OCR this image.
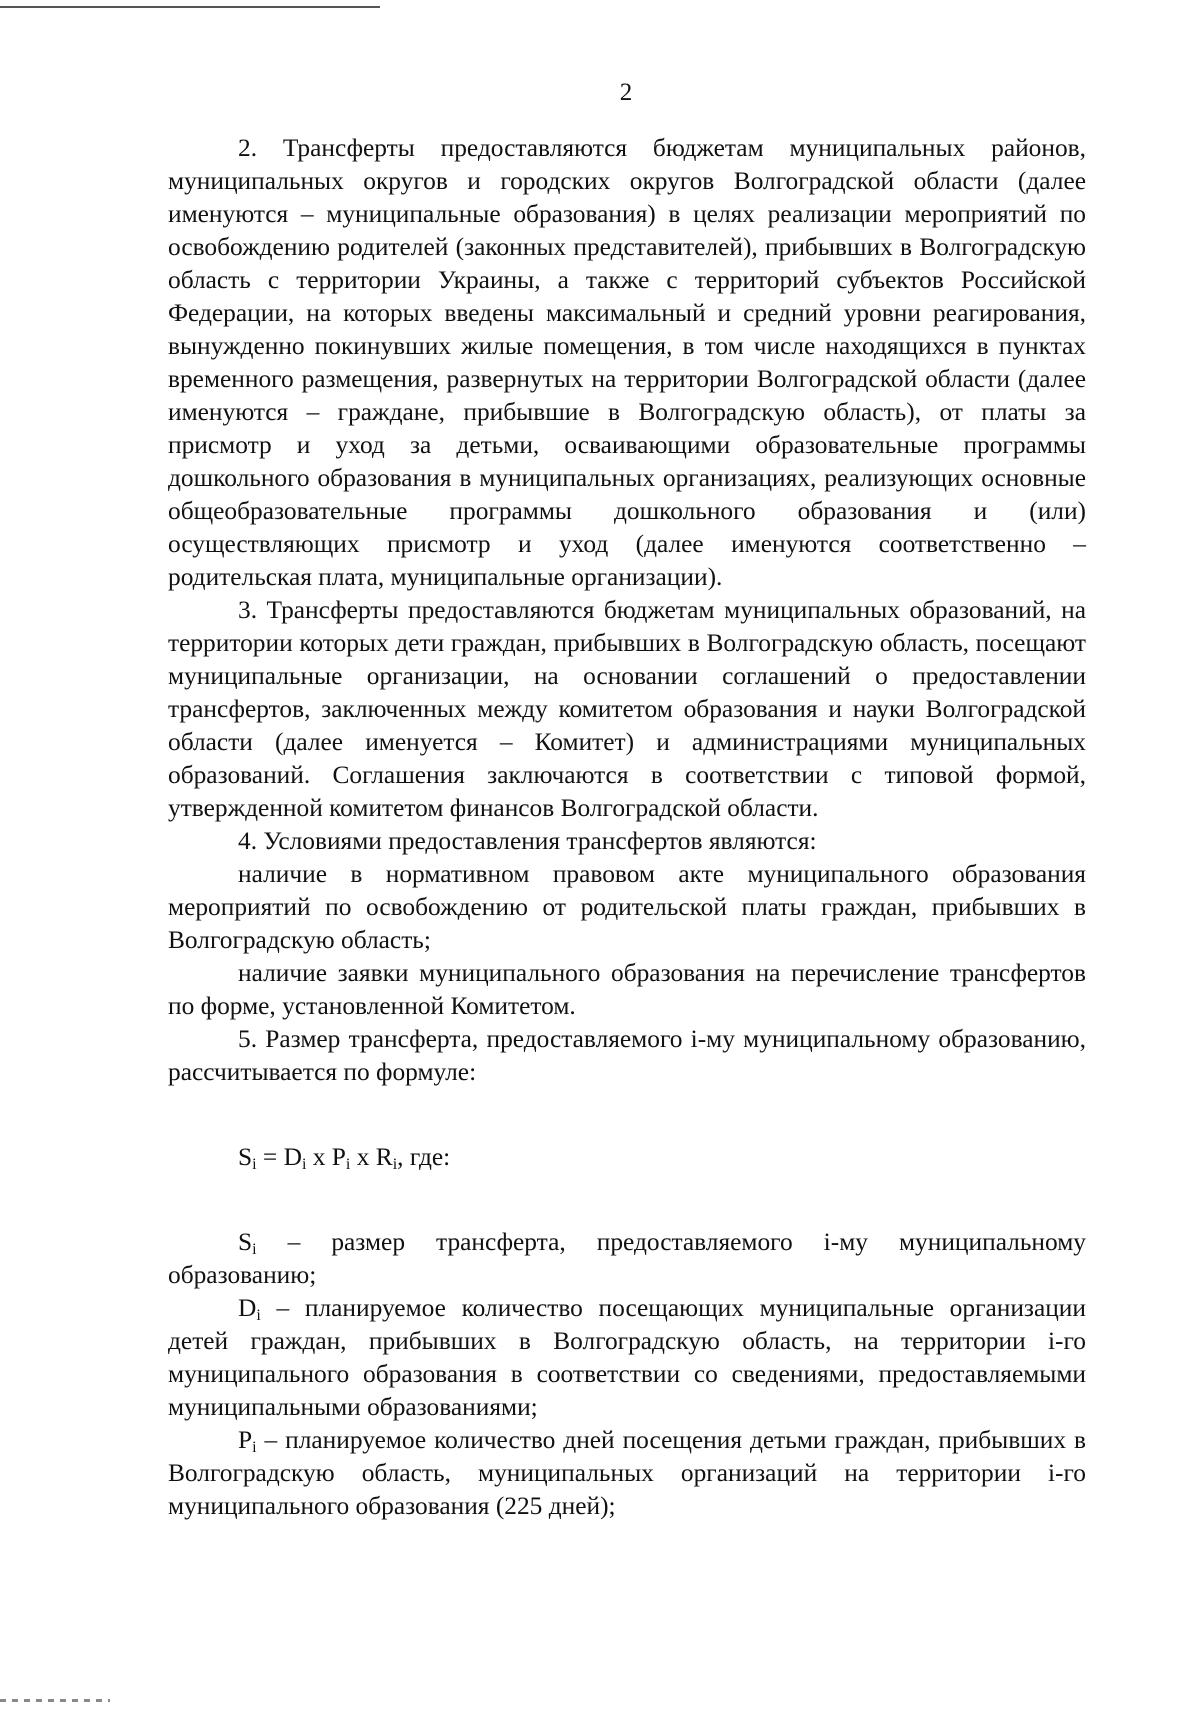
2

2. Трансферты предоставляются бюджетам муниципальных районов, муниципальных округов и городских округов Волгоградской области (далее именуются – муниципальные образования) в целях реализации мероприятий по освобождению родителей (законных представителей), прибывших в Волгоградскую область с территории Украины, а также с территорий субъектов Российской Федерации, на которых введены максимальный и средний уровни реагирования, вынужденно покинувших жилые помещения, в том числе находящихся в пунктах временного размещения, развернутых на территории Волгоградской области (далее именуются – граждане, прибывшие в Волгоградскую область), от платы за присмотр и уход за детьми, осваивающими образовательные программы дошкольного образования в муниципальных организациях, реализующих основные общеобразовательные программы дошкольного образования и (или) осуществляющих присмотр и уход (далее именуются соответственно – родительская плата, муниципальные организации).

3. Трансферты предоставляются бюджетам муниципальных образований, на территории которых дети граждан, прибывших в Волгоградскую область, посещают муниципальные организации, на основании соглашений о предоставлении трансфертов, заключенных между комитетом образования и науки Волгоградской области (далее именуется – Комитет) и администрациями муниципальных образований. Соглашения заключаются в соответствии с типовой формой, утвержденной комитетом финансов Волгоградской области.

4. Условиями предоставления трансфертов являются:

наличие в нормативном правовом акте муниципального образования мероприятий по освобождению от родительской платы граждан, прибывших в Волгоградскую область;

наличие заявки муниципального образования на перечисление трансфертов по форме, установленной Комитетом.

5. Размер трансферта, предоставляемого i-му муниципальному образованию, рассчитывается по формуле:

$S_i = D_i$ x $P_i$ x $R_i$, где:

$S_i$ – размер трансферта, предоставляемого i-му муниципальному образованию;

$D_i$ – планируемое количество посещающих муниципальные организации детей граждан, прибывших в Волгоградскую область, на территории i-го муниципального образования в соответствии со сведениями, предоставляемыми муниципальными образованиями;

$P_i$ – планируемое количество дней посещения детьми граждан, прибывших в Волгоградскую область, муниципальных организаций на территории i-го муниципального образования (225 дней);
